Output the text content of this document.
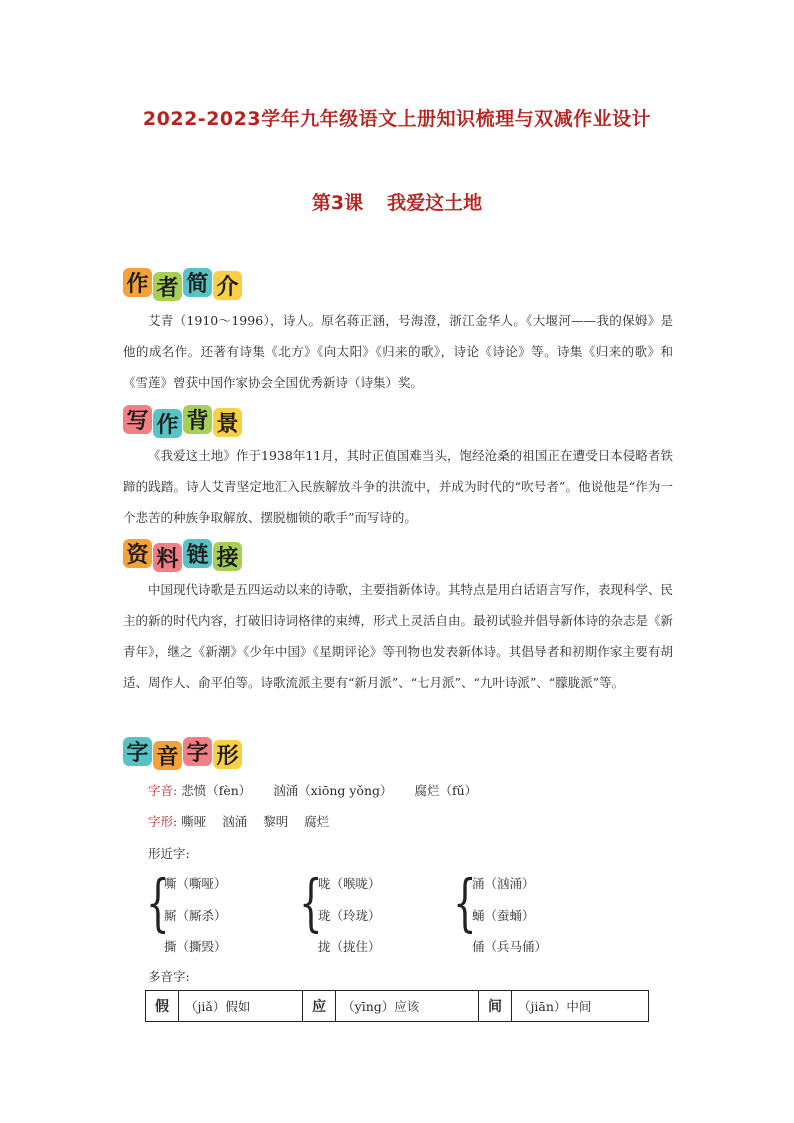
2022-2023学年九年级语文上册知识梳理与双减作业设计
第3课 我爱这土地
作 者 简 介

艾青（1910～1996），诗人。原名蒋正涵，号海澄，浙江金华人。《大堰河——我的保姆》是他的成名作。还著有诗集《北方》《向太阳》《归来的歌》，诗论《诗论》等。诗集《归来的歌》和《雪莲》曾获中国作家协会全国优秀新诗（诗集）奖。

写 作 背 景

《我爱这土地》作于1938年11月，其时正值国难当头，饱经沧桑的祖国正在遭受日本侵略者铁蹄的践踏。诗人艾青坚定地汇入民族解放斗争的洪流中，并成为时代的“吹号者”。他说他是“作为一个悲苦的种族争取解放、摆脱枷锁的歌手”而写诗的。

资 料 链 接

中国现代诗歌是五四运动以来的诗歌，主要指新体诗。其特点是用白话语言写作，表现科学、民主的新的时代内容，打破旧诗词格律的束缚，形式上灵活自由。最初试验并倡导新体诗的杂志是《新青年》，继之《新潮》《少年中国》《星期评论》等刊物也发表新体诗。其倡导者和初期作家主要有胡适、周作人、俞平伯等。诗歌流派主要有“新月派”、“七月派”、“九叶诗派”、“朦胧派”等。

字 音 字 形
字音: 悲愤（fèn） 汹涌（xiōng yǒng） 腐烂（fǔ）
字形: 嘶哑 汹涌 黎明 腐烂
形近字:
{
嘶（嘶哑）
厮（厮杀）
撕（撕毁）
{
咙（喉咙）
珑（玲珑）
拢（拢住）
{
涌（汹涌）
蛹（蚕蛹）
俑（兵马俑）
多音字:
假	（jiǎ）假如	应	（yīng）应该	间	（jiān）中间
